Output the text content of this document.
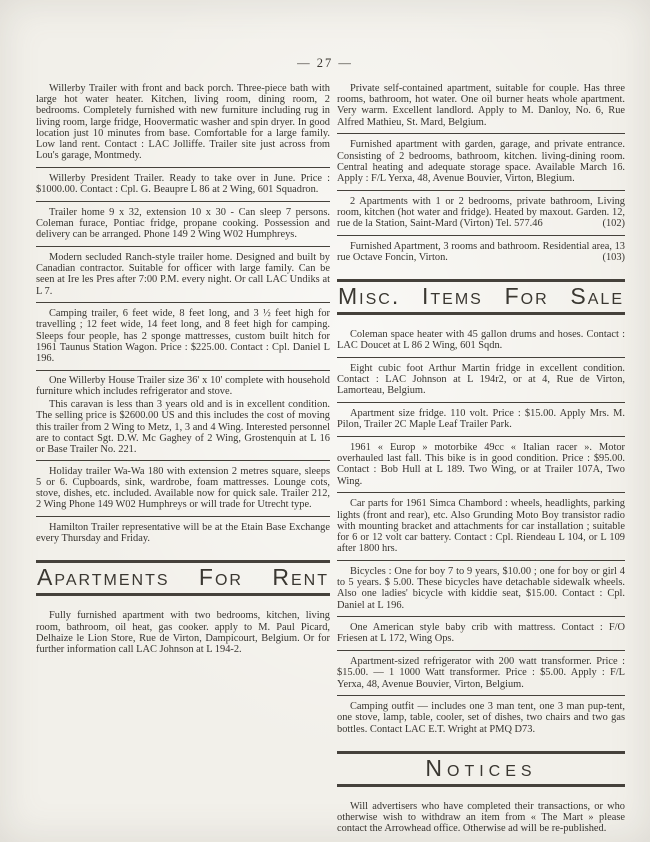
— 27 —

Willerby Trailer with front and back porch. Three-piece bath with large hot water heater. Kitchen, living room, dining room, 2 bedrooms. Completely furnished with new furniture including rug in living room, large fridge, Hoovermatic washer and spin dryer. In good location just 10 minutes from base. Comfortable for a large family. Low land rent. Contact : LAC Jolliffe. Trailer site just across from Lou's garage, Montmedy.

Willerby President Trailer. Ready to take over in June. Price : $1000.00. Contact : Cpl. G. Beaupre L 86 at 2 Wing, 601 Squadron.

Trailer home 9 x 32, extension 10 x 30 - Can sleep 7 persons. Coleman furace, Pontiac fridge, propane cooking. Possession and delivery can be arranged. Phone 149 2 Wing W02 Humphreys.

Modern secluded Ranch-style trailer home. Designed and built by Canadian contractor. Suitable for officer with large family. Can be seen at Ire les Pres after 7:00 P.M. every night. Or call LAC Undiks at L 7.

Camping trailer, 6 feet wide, 8 feet long, and 3 ½ feet high for travelling ; 12 feet wide, 14 feet long, and 8 feet high for camping. Sleeps four people, has 2 sponge mattresses, custom built hitch for 1961 Taunus Station Wagon. Price : $225.00. Contact : Cpl. Daniel L 196.

One Willerby House Trailer size 36' x 10' complete with household furniture which includes refrigerator and stove.

This caravan is less than 3 years old and is in excellent condition. The selling price is $2600.00 US and this includes the cost of moving this trailer from 2 Wing to Metz, 1, 3 and 4 Wing. Interested personnel are to contact Sgt. D.W. Mc Gaghey of 2 Wing, Grostenquin at L 16 or Base Trailer No. 221.

Holiday trailer Wa-Wa 180 with extension 2 metres square, sleeps 5 or 6. Cupboards, sink, wardrobe, foam mattresses. Lounge cots, stove, dishes, etc. included. Available now for quick sale. Trailer 212, 2 Wing Phone 149 W02 Humphreys or will trade for Utrecht type.

Hamilton Trailer representative will be at the Etain Base Exchange every Thursday and Friday.

Apartments For Rent

Fully furnished apartment with two bedrooms, kitchen, living room, bathroom, oil heat, gas cooker. apply to M. Paul Picard, Delhaize le Lion Store, Rue de Virton, Dampicourt, Belgium. Or for further information call LAC Johnson at L 194-2.

Private self-contained apartment, suitable for couple. Has three rooms, bathroom, hot water. One oil burner heats whole apartment. Very warm. Excellent landlord. Apply to M. Danloy, No. 6, Rue Alfred Mathieu, St. Mard, Belgium.

Furnished apartment with garden, garage, and private entrance. Consisting of 2 bedrooms, bathroom, kitchen. living-dining room. Central heating and adequate storage space. Available March 16. Apply : F/L Yerxa, 48, Avenue Bouvier, Virton, Blegium.

2 Apartments with 1 or 2 bedrooms, private bathroom, Living room, kitchen (hot water and fridge). Heated by maxout. Garden. 12, rue de la Station, Saint-Mard (Virton) Tel. 577.46	(102)

Furnished Apartment, 3 rooms and bathroom. Residential area, 13 rue Octave Foncin, Virton.	(103)

Misc. Items For Sale

Coleman space heater with 45 gallon drums and hoses. Contact : LAC Doucet at L 86 2 Wing, 601 Sqdn.

Eight cubic foot Arthur Martin fridge in excellent condition. Contact : LAC Johnson at L 194r2, or at 4, Rue de Virton, Lamorteau, Belgium.

Apartment size fridge. 110 volt. Price : $15.00. Apply Mrs. M. Pilon, Trailer 2C Maple Leaf Trailer Park.

1961 « Europ » motorbike 49cc « Italian racer ». Motor overhauled last fall. This bike is in good condition. Price : $95.00. Contact : Bob Hull at L 189. Two Wing, or at Trailer 107A, Two Wing.

Car parts for 1961 Simca Chambord : wheels, headlights, parking lights (front and rear), etc. Also Grunding Moto Boy transistor radio with mounting bracket and attachments for car installation ; suitable for 6 or 12 volt car battery. Contact : Cpl. Riendeau L 104, or L 109 after 1800 hrs.

Bicycles : One for boy 7 to 9 years, $10.00 ; one for boy or girl 4 to 5 years. $ 5.00. These bicycles have detachable sidewalk wheels. Also one ladies' bicycle with kiddie seat, $15.00. Contact : Cpl. Daniel at L 196.

One American style baby crib with mattress. Contact : F/O Friesen at L 172, Wing Ops.

Apartment-sized refrigerator with 200 watt transformer. Price : $15.00. — 1 1000 Watt transformer. Price : $5.00. Apply : F/L Yerxa, 48, Avenue Bouvier, Virton, Belgium.

Camping outfit — includes one 3 man tent, one 3 man pup-tent, one stove, lamp, table, cooler, set of dishes, two chairs and two gas bottles. Contact LAC E.T. Wright at PMQ D73.

Notices

Will advertisers who have completed their transactions, or who otherwise wish to withdraw an item from « The Mart » please contact the Arrowhead office. Otherwise ad will be re-published.
